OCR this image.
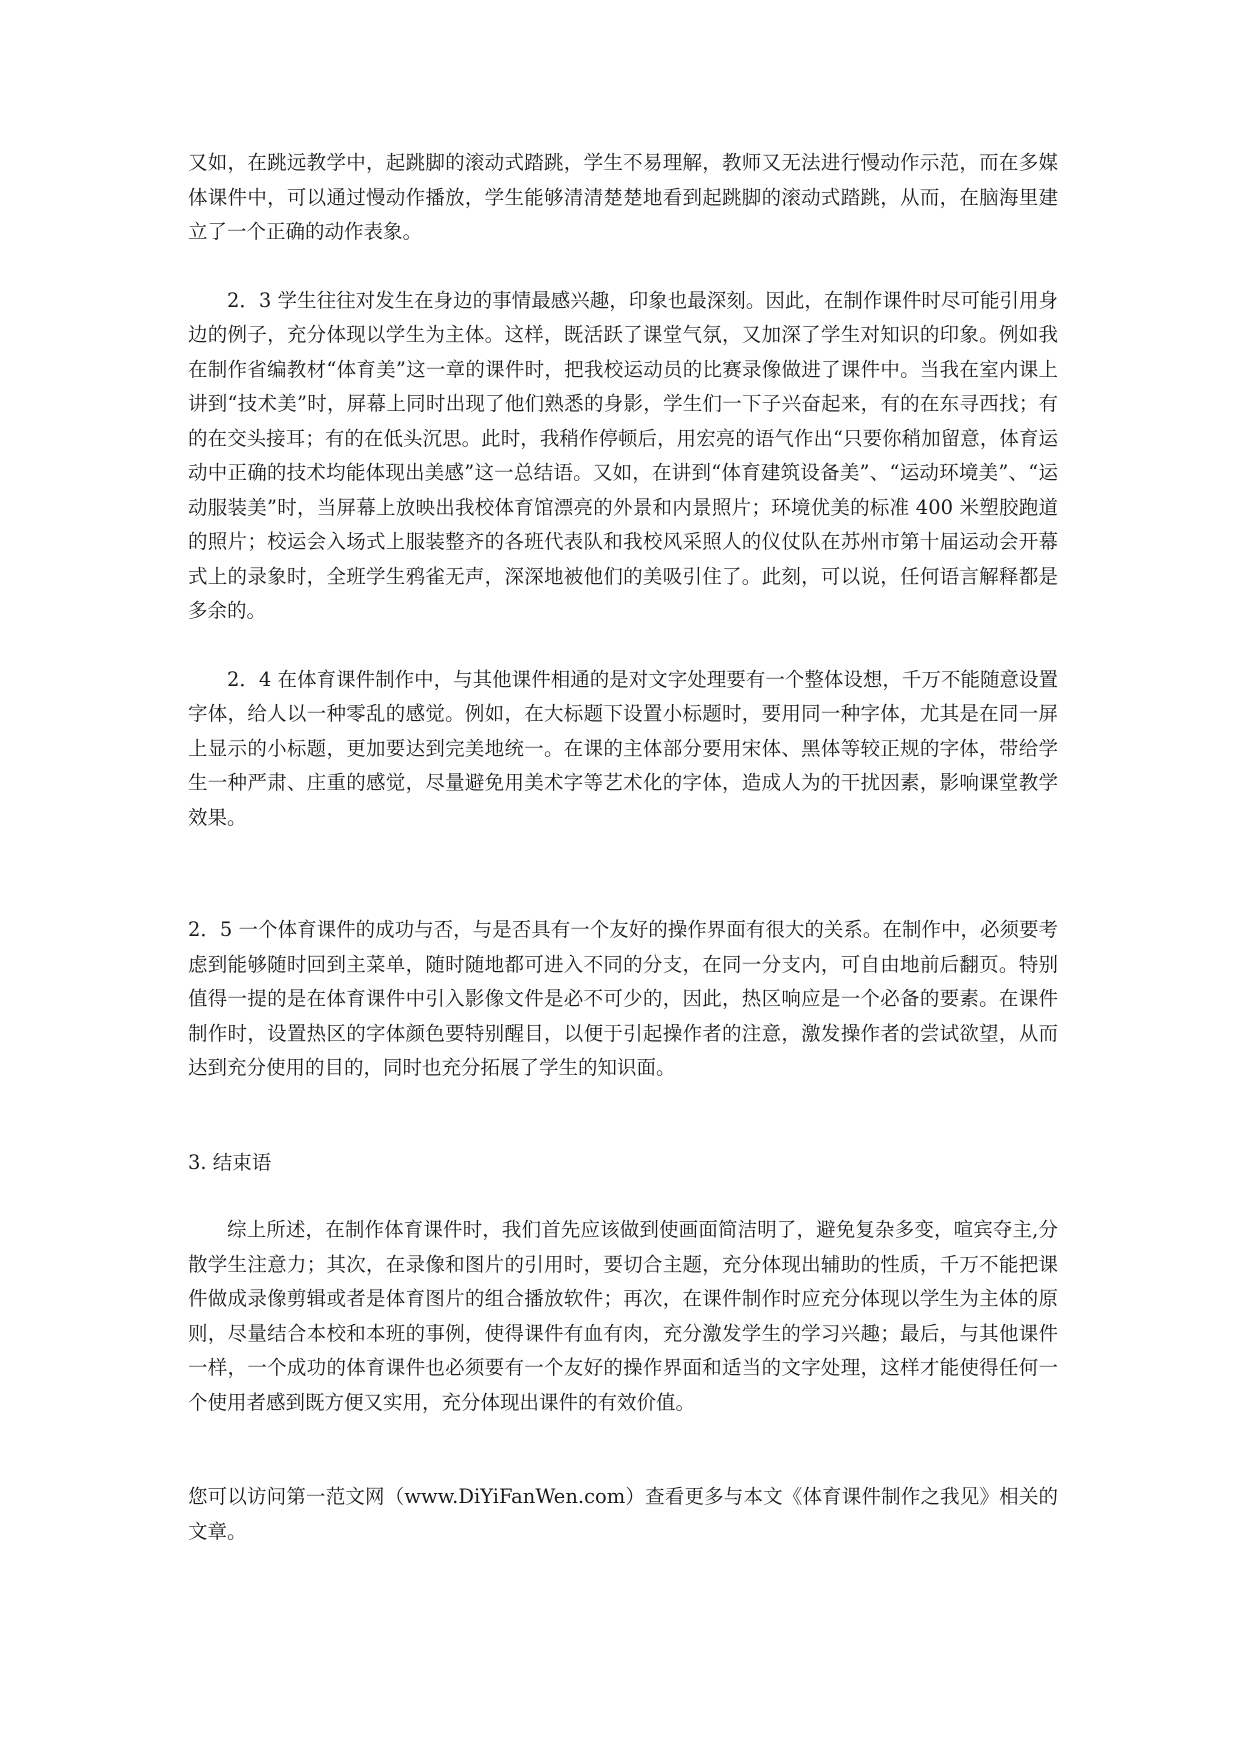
又如，在跳远教学中，起跳脚的滚动式踏跳，学生不易理解，教师又无法进行慢动作示范，而在多媒体课件中，可以通过慢动作播放，学生能够清清楚楚地看到起跳脚的滚动式踏跳，从而，在脑海里建立了一个正确的动作表象。

2．3 学生往往对发生在身边的事情最感兴趣，印象也最深刻。因此，在制作课件时尽可能引用身边的例子，充分体现以学生为主体。这样，既活跃了课堂气氛，又加深了学生对知识的印象。例如我在制作省编教材“体育美”这一章的课件时，把我校运动员的比赛录像做进了课件中。当我在室内课上讲到“技术美”时，屏幕上同时出现了他们熟悉的身影，学生们一下子兴奋起来，有的在东寻西找；有的在交头接耳；有的在低头沉思。此时，我稍作停顿后，用宏亮的语气作出“只要你稍加留意，体育运动中正确的技术均能体现出美感”这一总结语。又如，在讲到“体育建筑设备美”、“运动环境美”、“运动服装美”时，当屏幕上放映出我校体育馆漂亮的外景和内景照片；环境优美的标准 400 米塑胶跑道的照片；校运会入场式上服装整齐的各班代表队和我校风采照人的仪仗队在苏州市第十届运动会开幕式上的录象时，全班学生鸦雀无声，深深地被他们的美吸引住了。此刻，可以说，任何语言解释都是多余的。

2．4 在体育课件制作中，与其他课件相通的是对文字处理要有一个整体设想，千万不能随意设置字体，给人以一种零乱的感觉。例如，在大标题下设置小标题时，要用同一种字体，尤其是在同一屏上显示的小标题，更加要达到完美地统一。在课的主体部分要用宋体、黑体等较正规的字体，带给学生一种严肃、庄重的感觉，尽量避免用美术字等艺术化的字体，造成人为的干扰因素，影响课堂教学效果。

2．5 一个体育课件的成功与否，与是否具有一个友好的操作界面有很大的关系。在制作中，必须要考虑到能够随时回到主菜单，随时随地都可进入不同的分支，在同一分支内，可自由地前后翻页。特别值得一提的是在体育课件中引入影像文件是必不可少的，因此，热区响应是一个必备的要素。在课件制作时，设置热区的字体颜色要特别醒目，以便于引起操作者的注意，激发操作者的尝试欲望，从而达到充分使用的目的，同时也充分拓展了学生的知识面。

3. 结束语

综上所述，在制作体育课件时，我们首先应该做到使画面简洁明了，避免复杂多变，喧宾夺主,分散学生注意力；其次，在录像和图片的引用时，要切合主题，充分体现出辅助的性质，千万不能把课件做成录像剪辑或者是体育图片的组合播放软件；再次，在课件制作时应充分体现以学生为主体的原则，尽量结合本校和本班的事例，使得课件有血有肉，充分激发学生的学习兴趣；最后，与其他课件一样，一个成功的体育课件也必须要有一个友好的操作界面和适当的文字处理，这样才能使得任何一个使用者感到既方便又实用，充分体现出课件的有效价值。

您可以访问第一范文网（www.DiYiFanWen.com）查看更多与本文《体育课件制作之我见》相关的文章。
